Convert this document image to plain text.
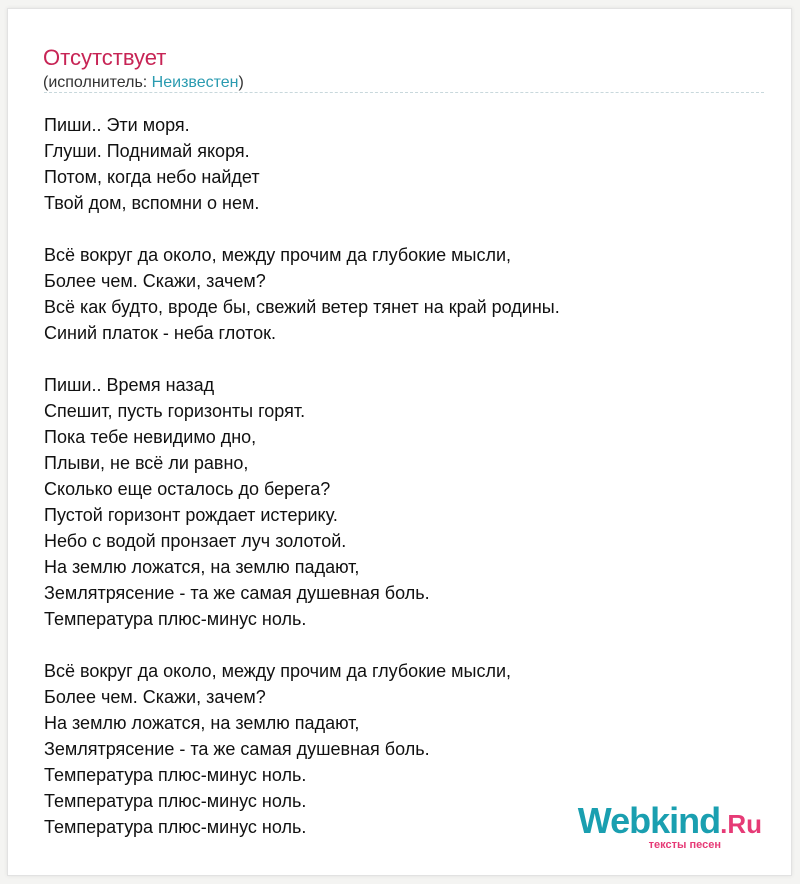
Отсутствует
(исполнитель: Неизвестен)
Пиши.. Эти моря.
Глуши. Поднимай якоря.
Потом, когда небо найдет
Твой дом, вспомни о нем.
Всё вокруг да около, между прочим да глубокие мысли,
Более чем. Скажи, зачем?
Всё как будто, вроде бы, свежий ветер тянет на край родины.
Синий платок - неба глоток.
Пиши.. Время назад
Спешит, пусть горизонты горят.
Пока тебе невидимо дно,
Плыви, не всё ли равно,
Сколько еще осталось до берега?
Пустой горизонт рождает истерику.
Небо с водой пронзает луч золотой.
На землю ложатся, на землю падают,
Землятрясение - та же самая душевная боль.
Температура плюс-минус ноль.
Всё вокруг да около, между прочим да глубокие мысли,
Более чем. Скажи, зачем?
На землю ложатся, на землю падают,
Землятрясение - та же самая душевная боль.
Температура плюс-минус ноль.
Температура плюс-минус ноль.
Температура плюс-минус ноль.	Webkind.Ru
тексты песен
